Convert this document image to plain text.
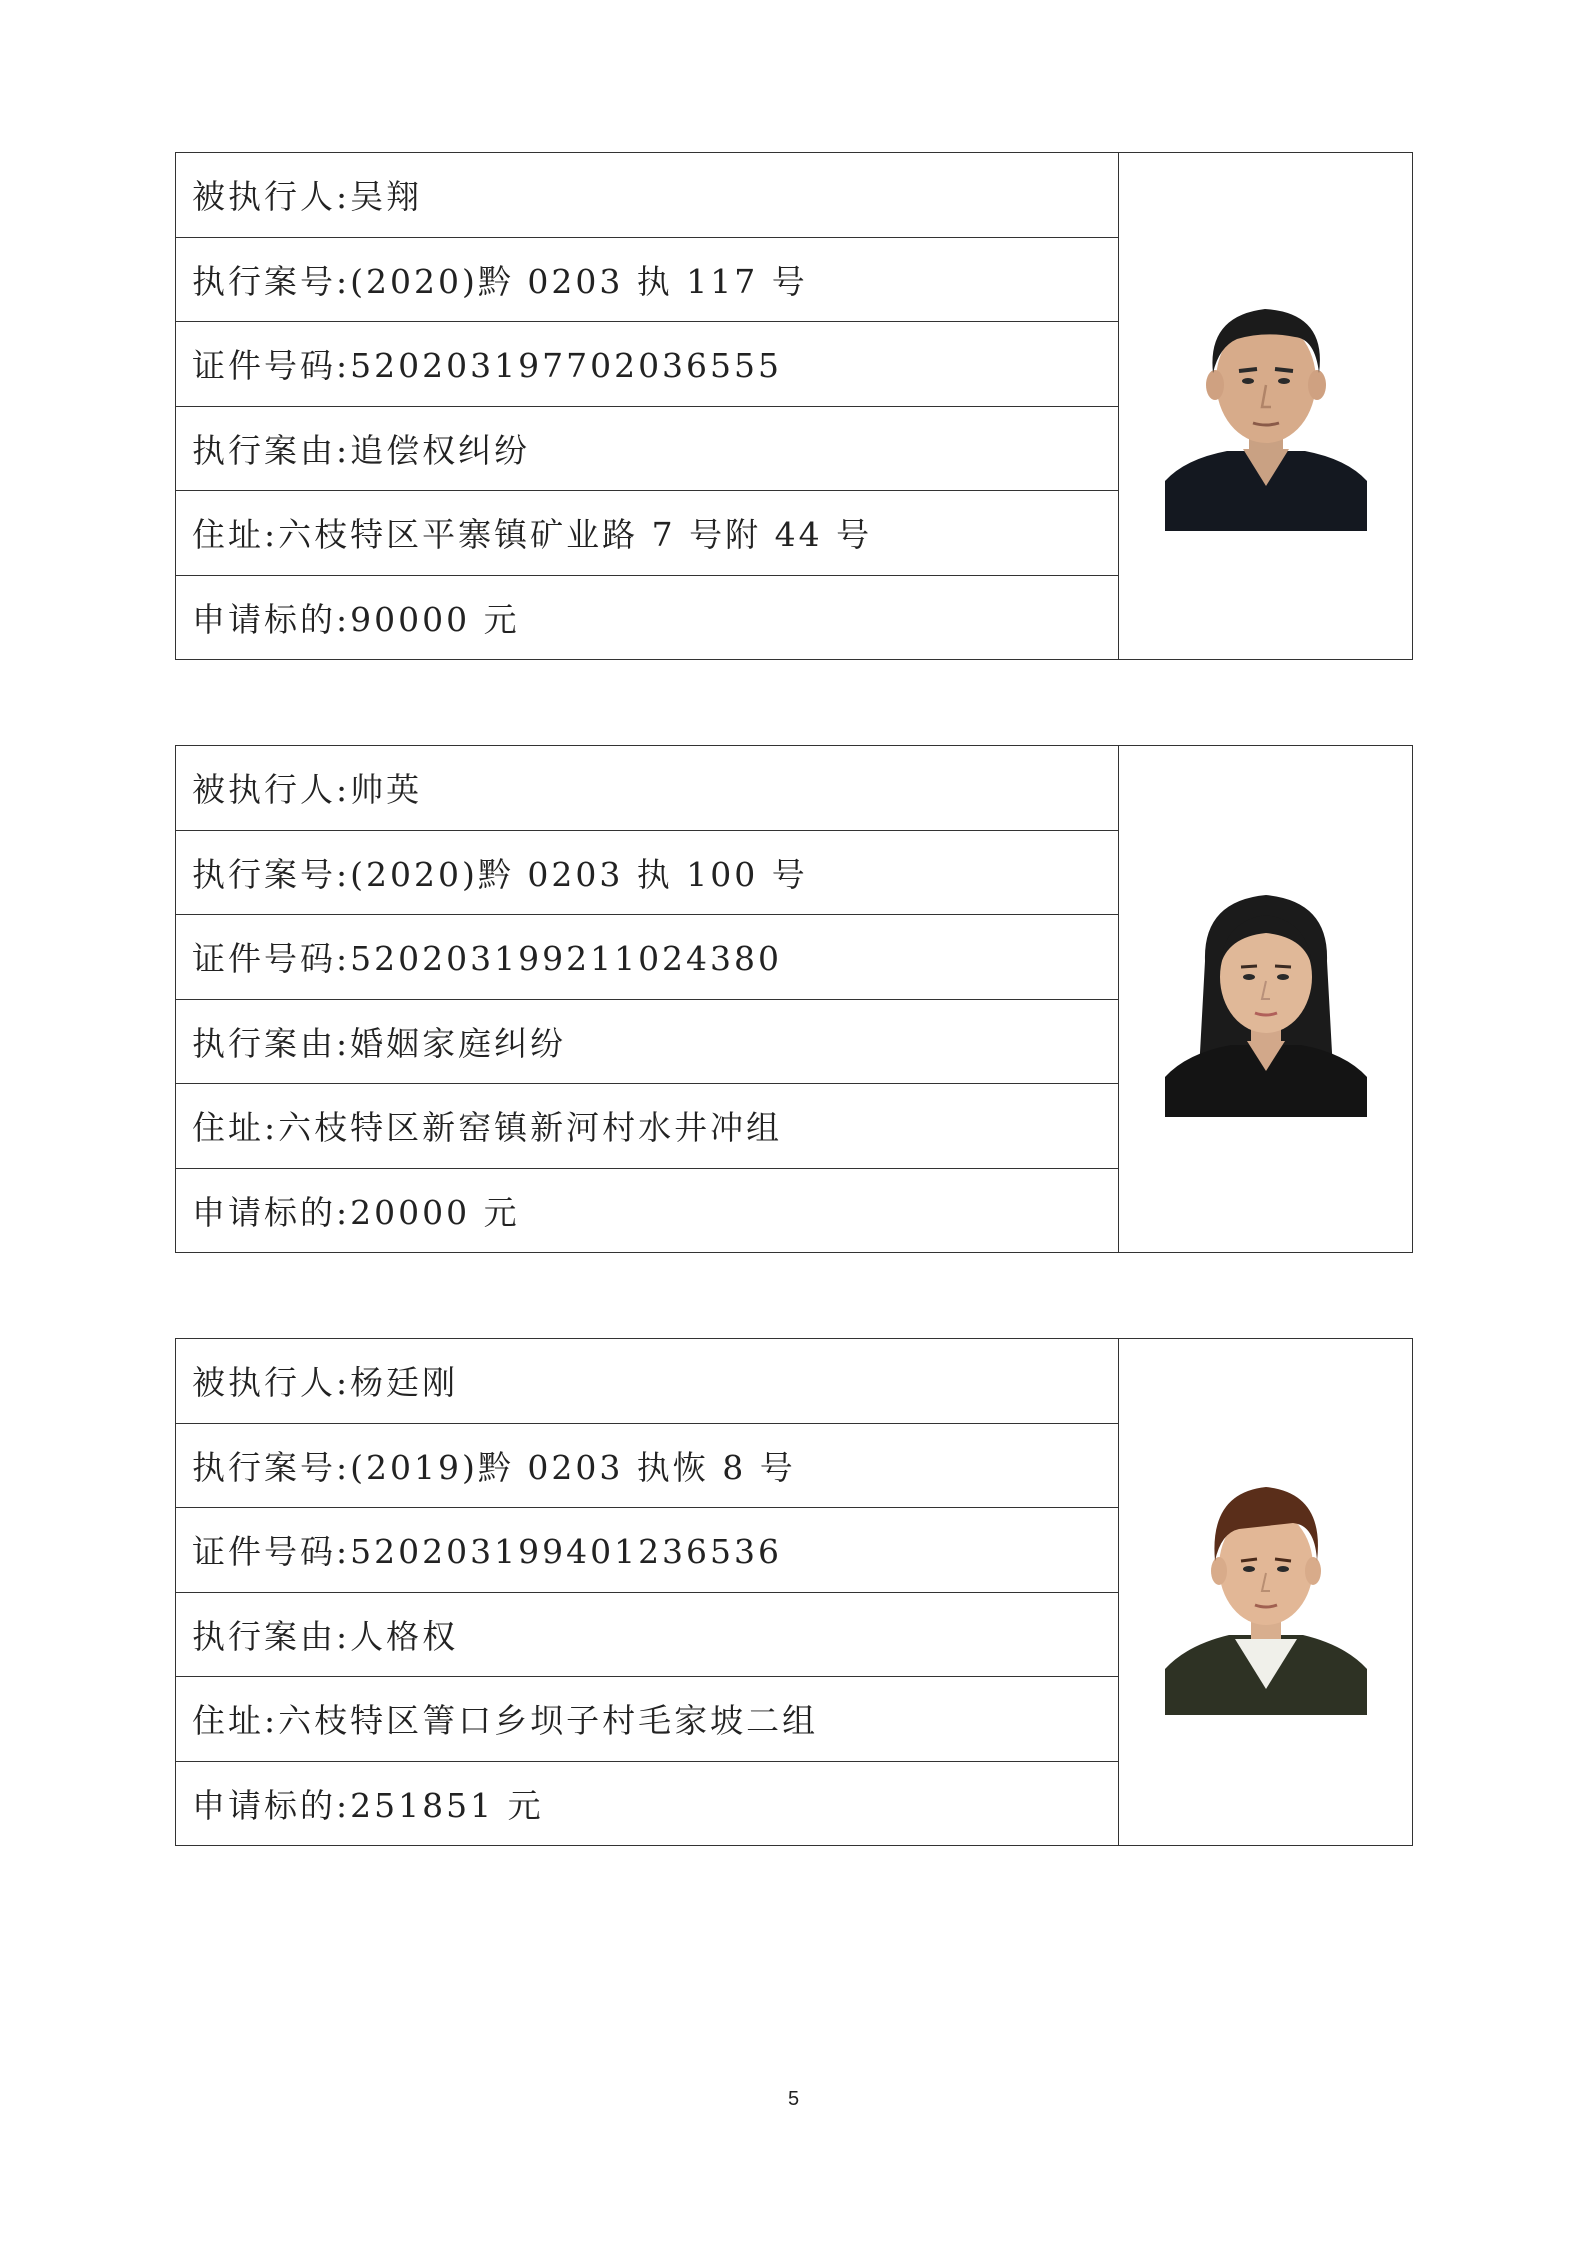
被执行人:吴翔
执行案号:(2020)黔 0203 执 117 号
证件号码:520203197702036555
执行案由:追偿权纠纷
住址:六枝特区平寨镇矿业路 7 号附 44 号
申请标的:90000 元
被执行人:帅英
执行案号:(2020)黔 0203 执 100 号
证件号码:520203199211024380
执行案由:婚姻家庭纠纷
住址:六枝特区新窑镇新河村水井冲组
申请标的:20000 元
被执行人:杨廷刚
执行案号:(2019)黔 0203 执恢 8 号
证件号码:520203199401236536
执行案由:人格权
住址:六枝特区箐口乡坝子村毛家坡二组
申请标的:251851 元
5
